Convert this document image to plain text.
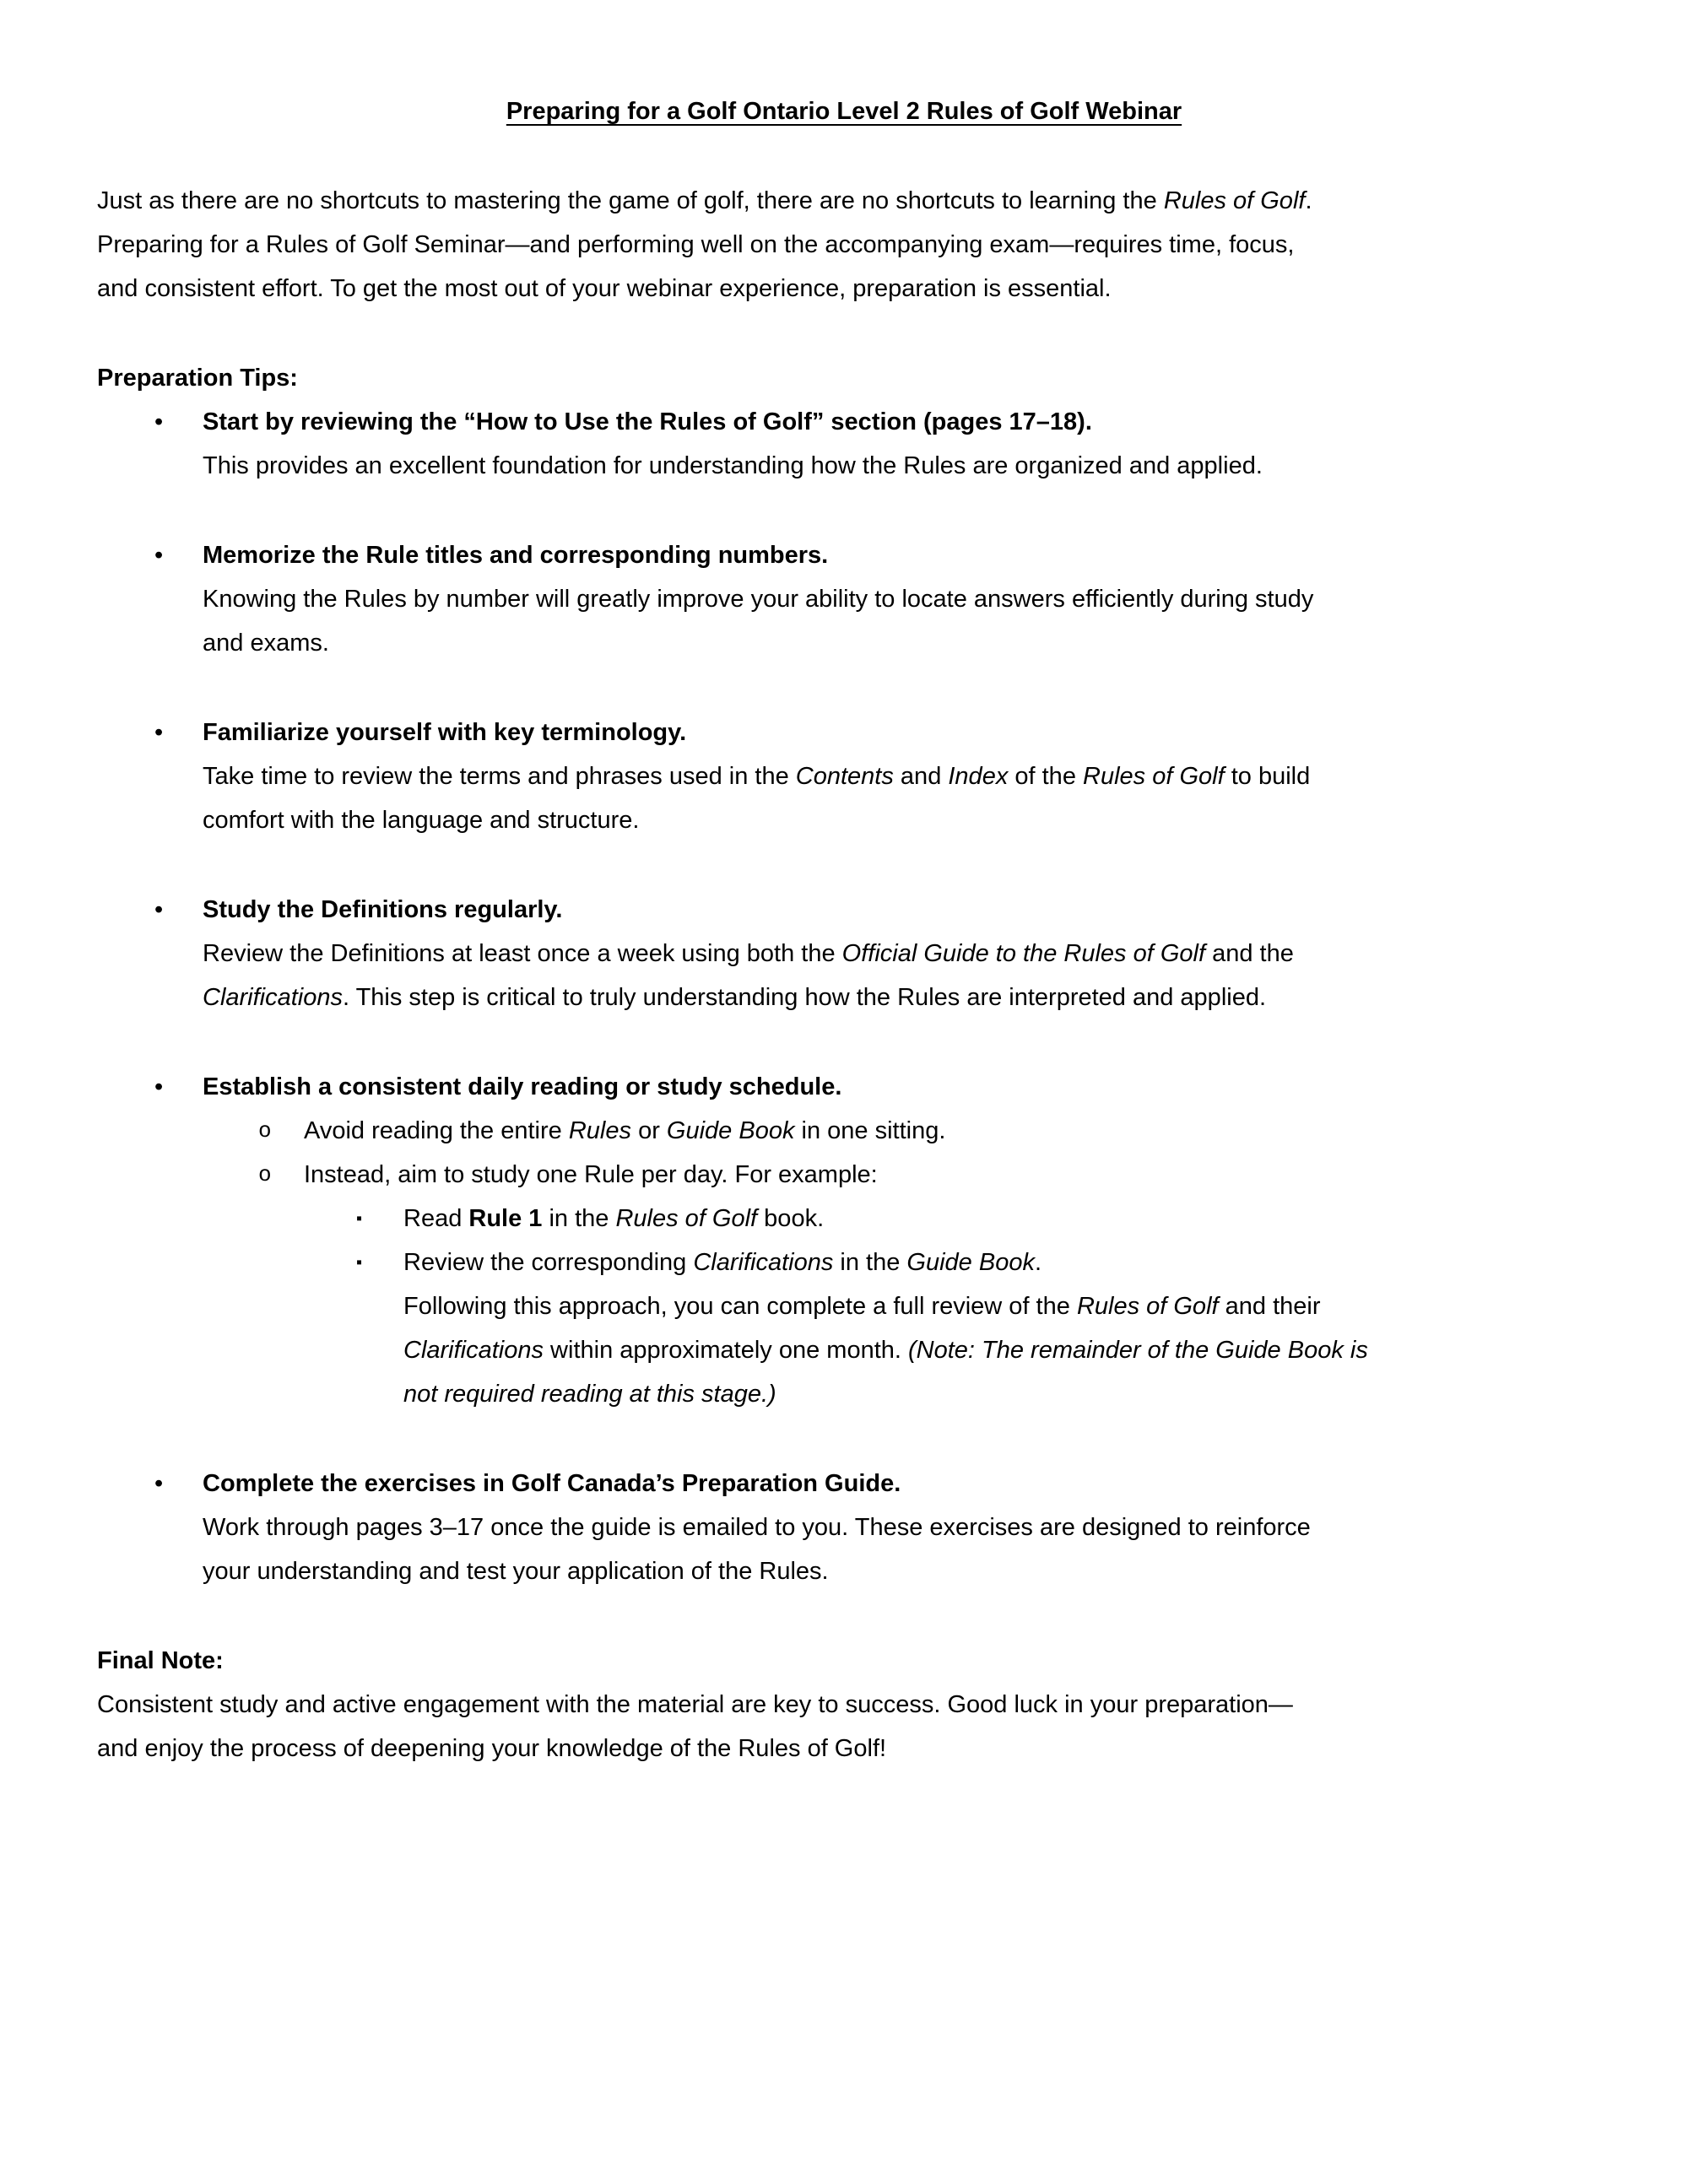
Preparing for a Golf Ontario Level 2 Rules of Golf Webinar

Just as there are no shortcuts to mastering the game of golf, there are no shortcuts to learning the Rules of Golf.
Preparing for a Rules of Golf Seminar—and performing well on the accompanying exam—requires time, focus,
and consistent effort. To get the most out of your webinar experience, preparation is essential.

Preparation Tips:

• Start by reviewing the “How to Use the Rules of Golf” section (pages 17–18).
This provides an excellent foundation for understanding how the Rules are organized and applied.
• Memorize the Rule titles and corresponding numbers.
Knowing the Rules by number will greatly improve your ability to locate answers efficiently during study
and exams.
• Familiarize yourself with key terminology.
Take time to review the terms and phrases used in the Contents and Index of the Rules of Golf to build
comfort with the language and structure.
• Study the Definitions regularly.
Review the Definitions at least once a week using both the Official Guide to the Rules of Golf and the
Clarifications. This step is critical to truly understanding how the Rules are interpreted and applied.
• Establish a consistent daily reading or study schedule.
o Avoid reading the entire Rules or Guide Book in one sitting.
o Instead, aim to study one Rule per day. For example:
▪ Read Rule 1 in the Rules of Golf book.
▪ Review the corresponding Clarifications in the Guide Book.
Following this approach, you can complete a full review of the Rules of Golf and their
Clarifications within approximately one month. (Note: The remainder of the Guide Book is
not required reading at this stage.)
• Complete the exercises in Golf Canada’s Preparation Guide.
Work through pages 3–17 once the guide is emailed to you. These exercises are designed to reinforce
your understanding and test your application of the Rules.

Final Note:

Consistent study and active engagement with the material are key to success. Good luck in your preparation—
and enjoy the process of deepening your knowledge of the Rules of Golf!
